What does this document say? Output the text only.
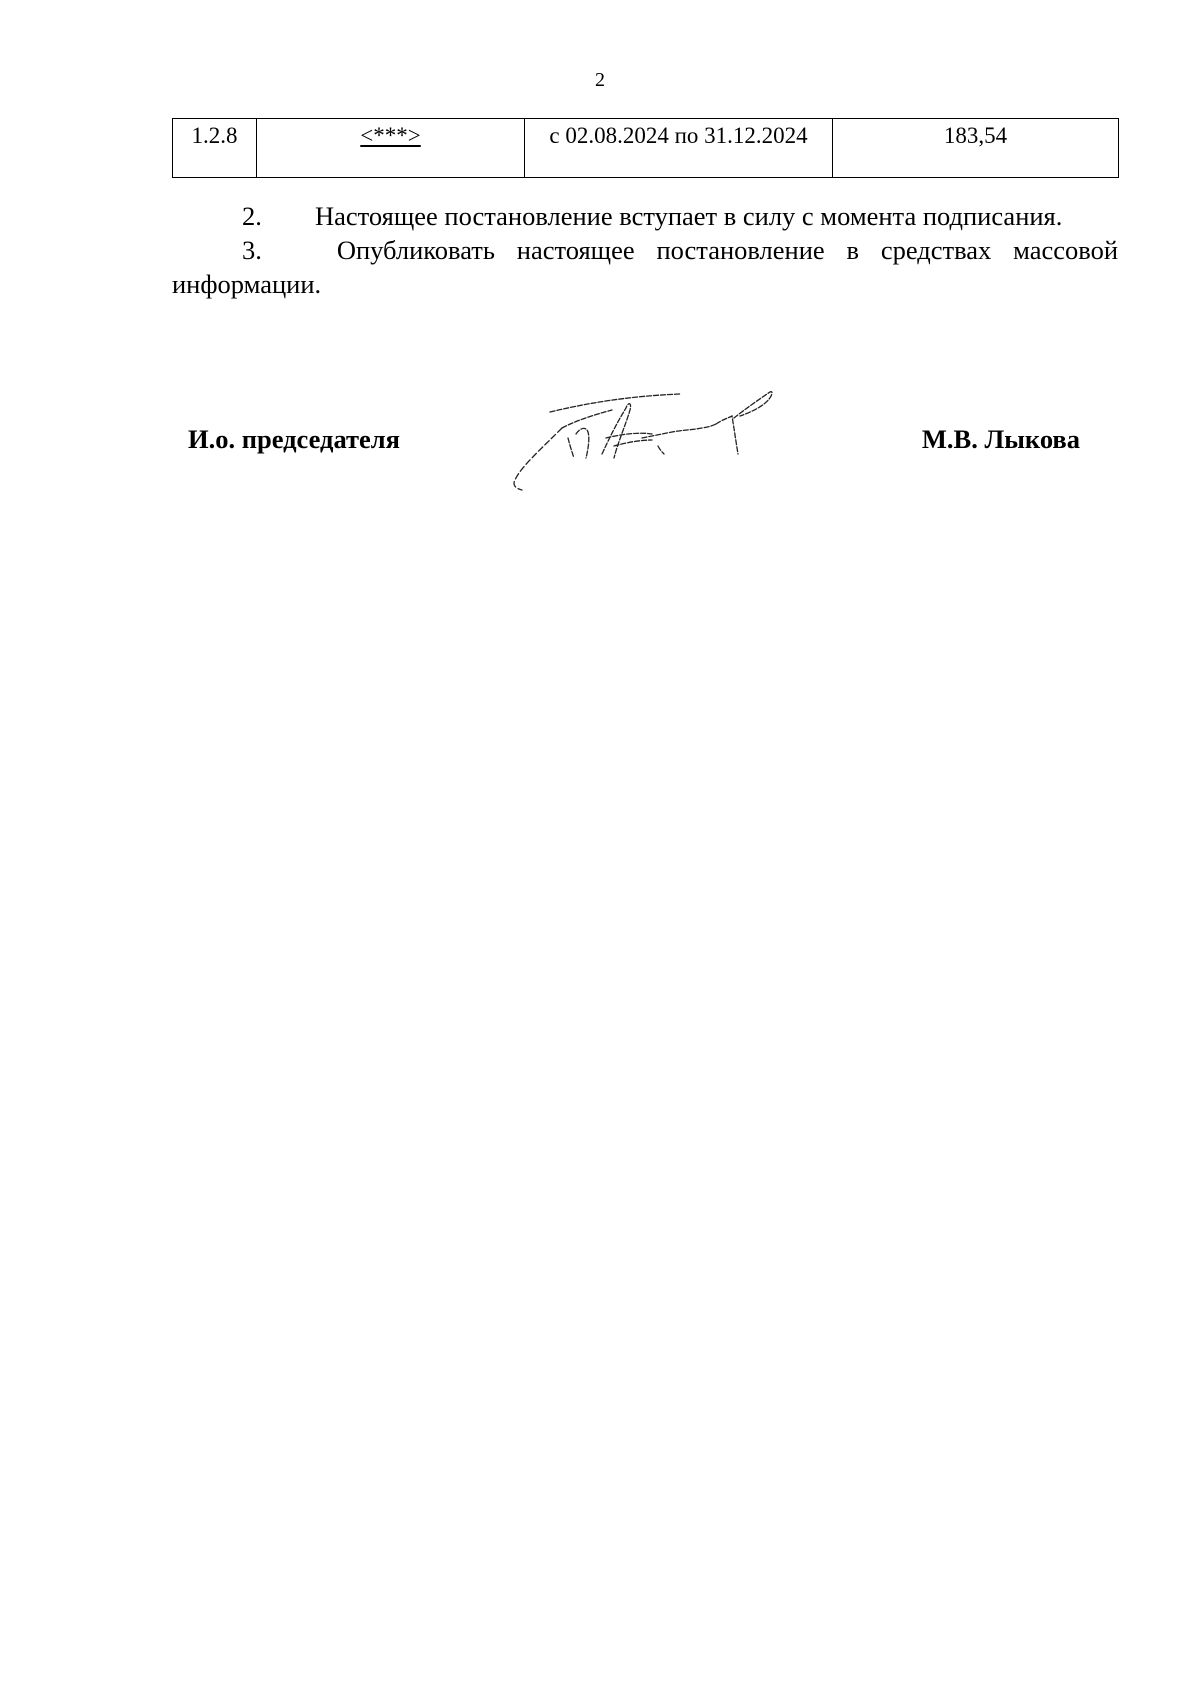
2
1.2.8	<***>	с 02.08.2024 по 31.12.2024	183,54

2. Настоящее постановление вступает в силу с момента подписания.

3.	Опубликовать настоящее постановление в средствах массовой
информации.
И.о. председателя	М.В. Лыкова
